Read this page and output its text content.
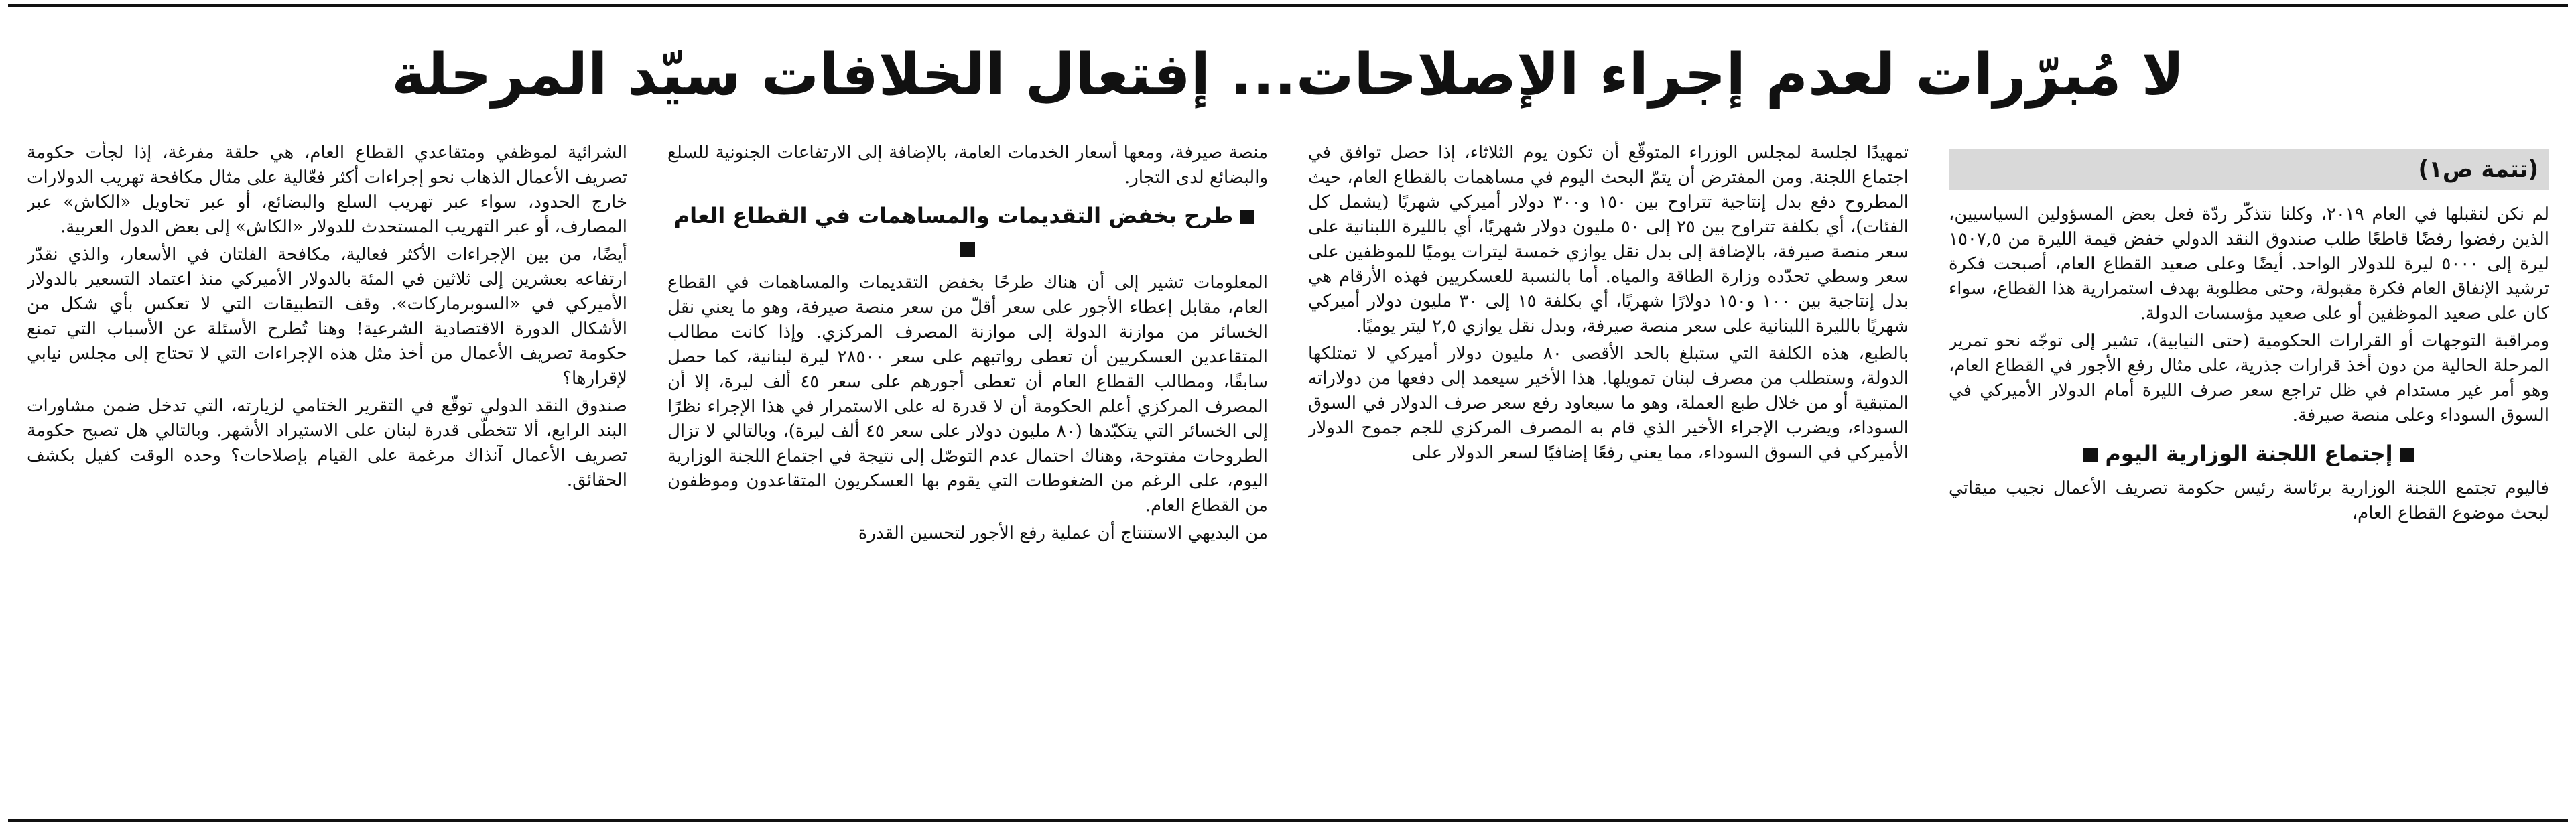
لا مُبرّرات لعدم إجراء الإصلاحات... إفتعال الخلافات سيّد المرحلة
(تتمة ص١)

لم نكن لنقبلها في العام ٢٠١٩، وكلنا نتذكّر ردّة فعل بعض المسؤولين السياسيين، الذين رفضوا رفضًا قاطعًا طلب صندوق النقد الدولي خفض قيمة الليرة من ١٥٠٧,٥ ليرة إلى ٥٠٠٠ ليرة للدولار الواحد. أيضًا وعلى صعيد القطاع العام، أصبحت فكرة ترشيد الإنفاق العام فكرة مقبولة، وحتى مطلوبة بهدف استمرارية هذا القطاع، سواء كان على صعيد الموظفين أو على صعيد مؤسسات الدولة.

ومراقبة التوجهات أو القرارات الحكومية (حتى النيابية)، تشير إلى توجّه نحو تمرير المرحلة الحالية من دون أخذ قرارات جذرية، على مثال رفع الأجور في القطاع العام، وهو أمر غير مستدام في ظل تراجع سعر صرف الليرة أمام الدولار الأميركي في السوق السوداء وعلى منصة صيرفة.

إجتماع اللجنة الوزارية اليوم

فاليوم تجتمع اللجنة الوزارية برئاسة رئيس حكومة تصريف الأعمال نجيب ميقاتي لبحث موضوع القطاع العام،

تمهيدًا لجلسة لمجلس الوزراء المتوقّع أن تكون يوم الثلاثاء، إذا حصل توافق في اجتماع اللجنة. ومن المفترض أن يتمّ البحث اليوم في مساهمات بالقطاع العام، حيث المطروح دفع بدل إنتاجية تتراوح بين ١٥٠ و٣٠٠ دولار أميركي شهريًا (يشمل كل الفئات)، أي بكلفة تتراوح بين ٢٥ إلى ٥٠ مليون دولار شهريًا، أي بالليرة اللبنانية على سعر منصة صيرفة، بالإضافة إلى بدل نقل يوازي خمسة ليترات يوميًا للموظفين على سعر وسطي تحدّده وزارة الطاقة والمياه. أما بالنسبة للعسكريين فهذه الأرقام هي بدل إنتاجية بين ١٠٠ و١٥٠ دولارًا شهريًا، أي بكلفة ١٥ إلى ٣٠ مليون دولار أميركي شهريًا بالليرة اللبنانية على سعر منصة صيرفة، وبدل نقل يوازي ٢,٥ ليتر يوميًا.

بالطبع، هذه الكلفة التي ستبلغ بالحد الأقصى ٨٠ مليون دولار أميركي لا تمتلكها الدولة، وستطلب من مصرف لبنان تمويلها. هذا الأخير سيعمد إلى دفعها من دولاراته المتبقية أو من خلال طبع العملة، وهو ما سيعاود رفع سعر صرف الدولار في السوق السوداء، ويضرب الإجراء الأخير الذي قام به المصرف المركزي للجم جموح الدولار الأميركي في السوق السوداء، مما يعني رفعًا إضافيًا لسعر الدولار على

منصة صيرفة، ومعها أسعار الخدمات العامة، بالإضافة إلى الارتفاعات الجنونية للسلع والبضائع لدى التجار.

طرح بخفض التقديمات والمساهمات في القطاع العام

المعلومات تشير إلى أن هناك طرحًا بخفض التقديمات والمساهمات في القطاع العام، مقابل إعطاء الأجور على سعر أقلّ من سعر منصة صيرفة، وهو ما يعني نقل الخسائر من موازنة الدولة إلى موازنة المصرف المركزي. وإذا كانت مطالب المتقاعدين العسكريين أن تعطى رواتبهم على سعر ٢٨٥٠٠ ليرة لبنانية، كما حصل سابقًا، ومطالب القطاع العام أن تعطى أجورهم على سعر ٤٥ ألف ليرة، إلا أن المصرف المركزي أعلم الحكومة أن لا قدرة له على الاستمرار في هذا الإجراء نظرًا إلى الخسائر التي يتكبّدها (٨٠ مليون دولار على سعر ٤٥ ألف ليرة)، وبالتالي لا تزال الطروحات مفتوحة، وهناك احتمال عدم التوصّل إلى نتيجة في اجتماع اللجنة الوزارية اليوم، على الرغم من الضغوطات التي يقوم بها العسكريون المتقاعدون وموظفون من القطاع العام.

من البديهي الاستنتاج أن عملية رفع الأجور لتحسين القدرة

الشرائية لموظفي ومتقاعدي القطاع العام، هي حلقة مفرغة، إذا لجأت حكومة تصريف الأعمال الذهاب نحو إجراءات أكثر فعّالية على مثال مكافحة تهريب الدولارات خارج الحدود، سواء عبر تهريب السلع والبضائع، أو عبر تحاويل «الكاش» عبر المصارف، أو عبر التهريب المستحدث للدولار «الكاش» إلى بعض الدول العربية.

أيضًا، من بين الإجراءات الأكثر فعالية، مكافحة الفلتان في الأسعار، والذي نقدّر ارتفاعه بعشرين إلى ثلاثين في المئة بالدولار الأميركي منذ اعتماد التسعير بالدولار الأميركي في «السوبرماركات». وقف التطبيقات التي لا تعكس بأي شكل من الأشكال الدورة الاقتصادية الشرعية! وهنا تُطرح الأسئلة عن الأسباب التي تمنع حكومة تصريف الأعمال من أخذ مثل هذه الإجراءات التي لا تحتاج إلى مجلس نيابي لإقرارها؟

صندوق النقد الدولي توقّع في التقرير الختامي لزيارته، التي تدخل ضمن مشاورات البند الرابع، ألا تتخطّى قدرة لبنان على الاستيراد الأشهر. وبالتالي هل تصبح حكومة تصريف الأعمال آنذاك مرغمة على القيام بإصلاحات؟ وحده الوقت كفيل بكشف الحقائق.
